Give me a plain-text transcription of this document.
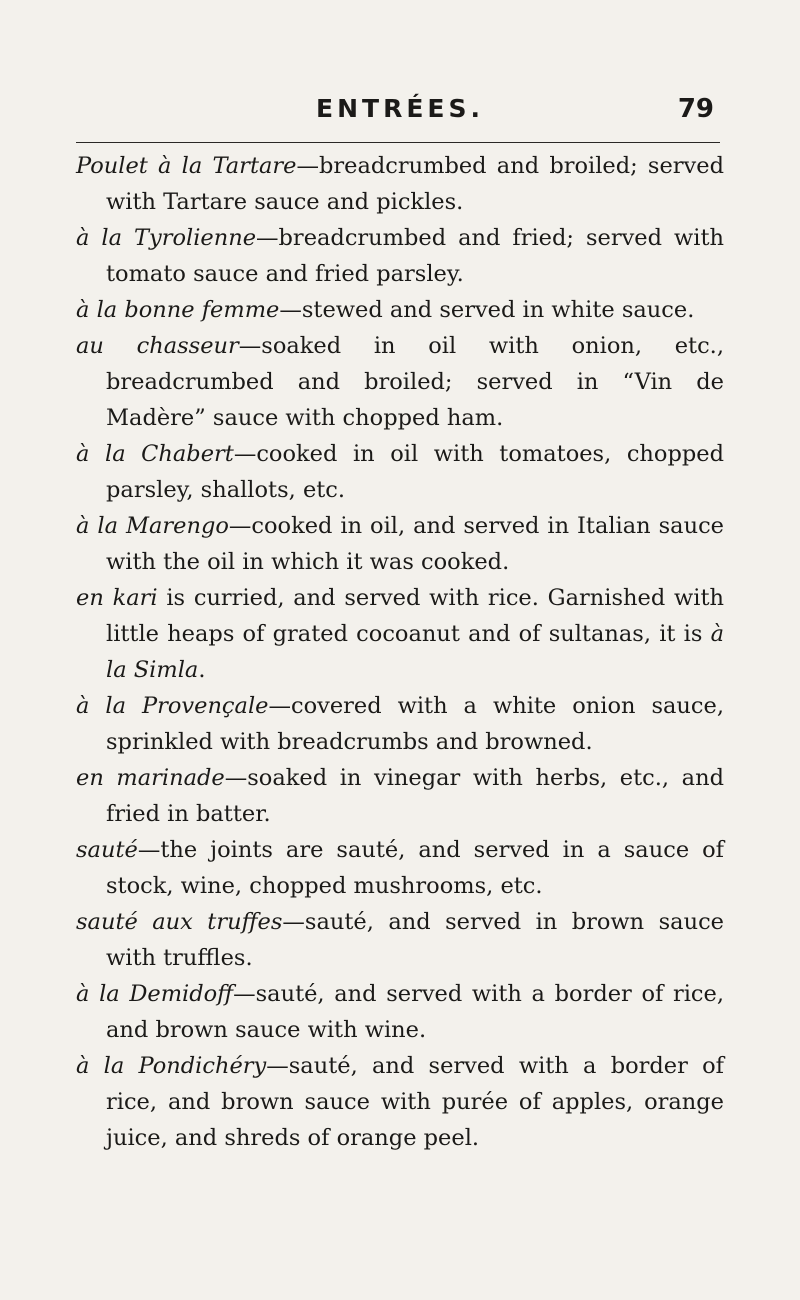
ENTRÉES.	79

Poulet à la Tartare—breadcrumbed and broiled; served with Tartare sauce and pickles.

à la Tyrolienne—breadcrumbed and fried; served with tomato sauce and fried parsley.

à la bonne femme—stewed and served in white sauce.

au chasseur—soaked in oil with onion, etc., breadcrumbed and broiled; served in “Vin de Madère” sauce with chopped ham.

à la Chabert—cooked in oil with tomatoes, chopped parsley, shallots, etc.

à la Marengo—cooked in oil, and served in Italian sauce with the oil in which it was cooked.

en kari is curried, and served with rice. Garnished with little heaps of grated cocoanut and of sultanas, it is à la Simla.

à la Provençale—covered with a white onion sauce, sprinkled with breadcrumbs and browned.

en marinade—soaked in vinegar with herbs, etc., and fried in batter.

sauté—the joints are sauté, and served in a sauce of stock, wine, chopped mushrooms, etc.

sauté aux truffes—sauté, and served in brown sauce with truffles.

à la Demidoff—sauté, and served with a border of rice, and brown sauce with wine.

à la Pondichéry—sauté, and served with a border of rice, and brown sauce with purée of apples, orange juice, and shreds of orange peel.
